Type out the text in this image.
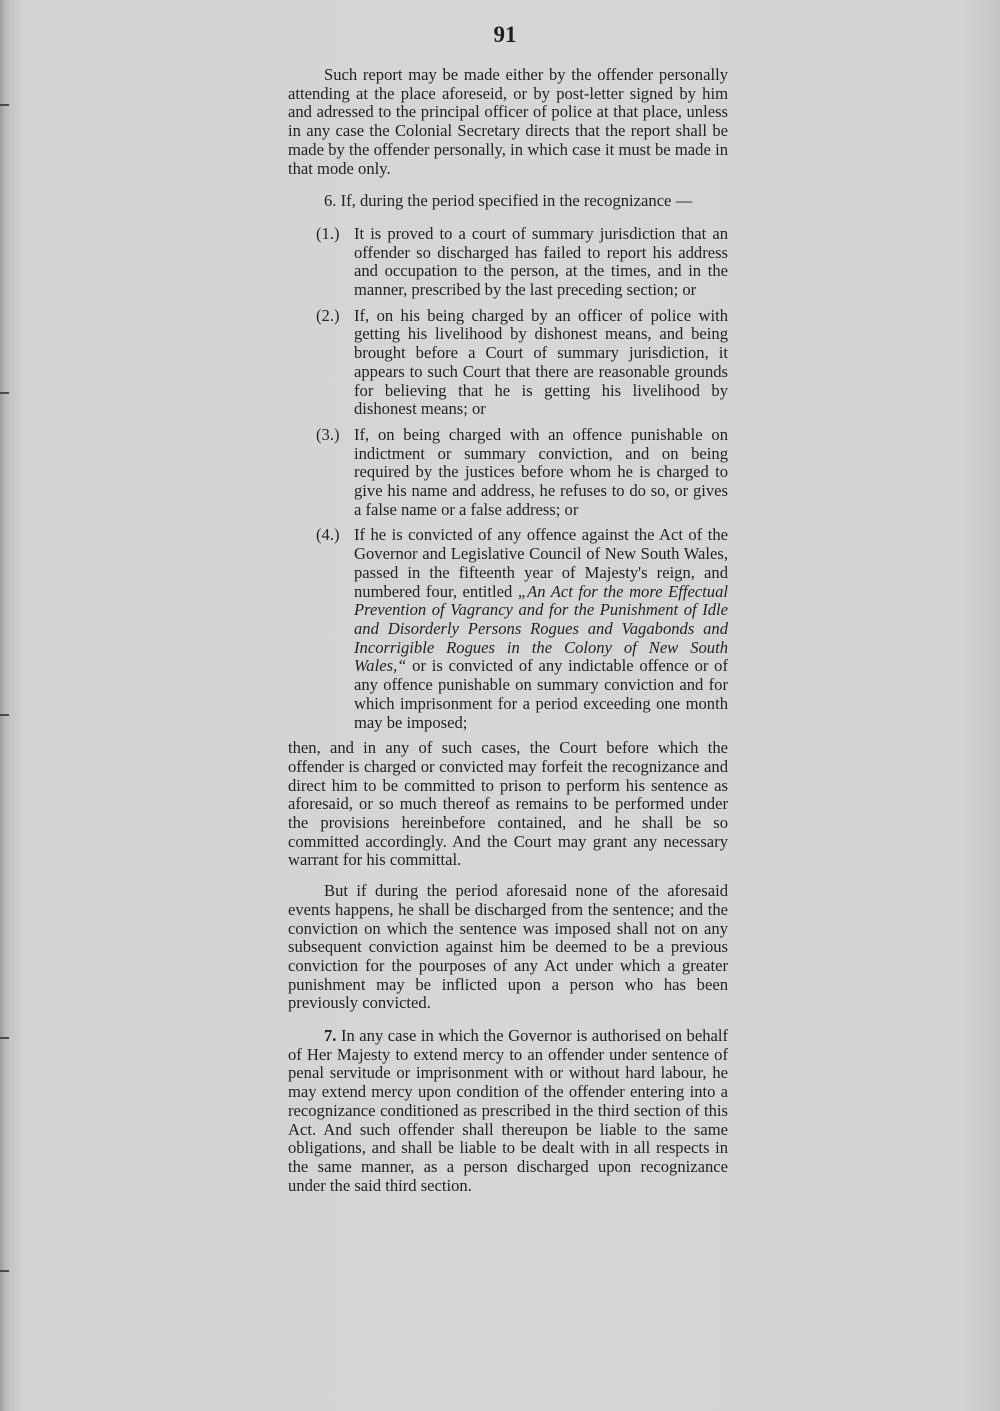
91

Such report may be made either by the offender personally attending at the place aforeseid, or by post-letter signed by him and adressed to the principal officer of police at that place, unless in any case the Colonial Secretary directs that the report shall be made by the offender personally, in which case it must be made in that mode only.

6. If, during the period specified in the recognizance —

(1.) It is proved to a court of summary jurisdiction that an offender so discharged has failed to report his address and occupation to the person, at the times, and in the manner, prescribed by the last preceding section; or
(2.) If, on his being charged by an officer of police with getting his livelihood by dishonest means, and being brought before a Court of summary jurisdiction, it appears to such Court that there are reasonable grounds for believing that he is getting his livelihood by dishonest means; or
(3.) If, on being charged with an offence punishable on indictment or summary conviction, and on being required by the justices before whom he is charged to give his name and address, he refuses to do so, or gives a false name or a false address; or
(4.) If he is convicted of any offence against the Act of the Governor and Legislative Council of New South Wales, passed in the fifteenth year of Majesty's reign, and numbered four, entitled „An Act for the more Effectual Prevention of Vagrancy and for the Punishment of Idle and Disorderly Persons Rogues and Vagabonds and Incorrigible Rogues in the Colony of New South Wales,“ or is convicted of any indictable offence or of any offence punishable on summary conviction and for which imprisonment for a period exceeding one month may be imposed;

then, and in any of such cases, the Court before which the offender is charged or convicted may forfeit the recognizance and direct him to be committed to prison to perform his sentence as aforesaid, or so much thereof as remains to be performed under the provisions hereinbefore contained, and he shall be so committed accordingly. And the Court may grant any necessary warrant for his committal.

But if during the period aforesaid none of the aforesaid events happens, he shall be discharged from the sentence; and the conviction on which the sentence was imposed shall not on any subsequent conviction against him be deemed to be a previous conviction for the pourposes of any Act under which a greater punishment may be inflicted upon a person who has been previously convicted.

7. In any case in which the Governor is authorised on behalf of Her Majesty to extend mercy to an offender under sentence of penal servitude or imprisonment with or without hard labour, he may extend mercy upon condition of the offender entering into a recognizance conditioned as prescribed in the third section of this Act. And such offender shall thereupon be liable to the same obligations, and shall be liable to be dealt with in all respects in the same manner, as a person discharged upon recognizance under the said third section.
